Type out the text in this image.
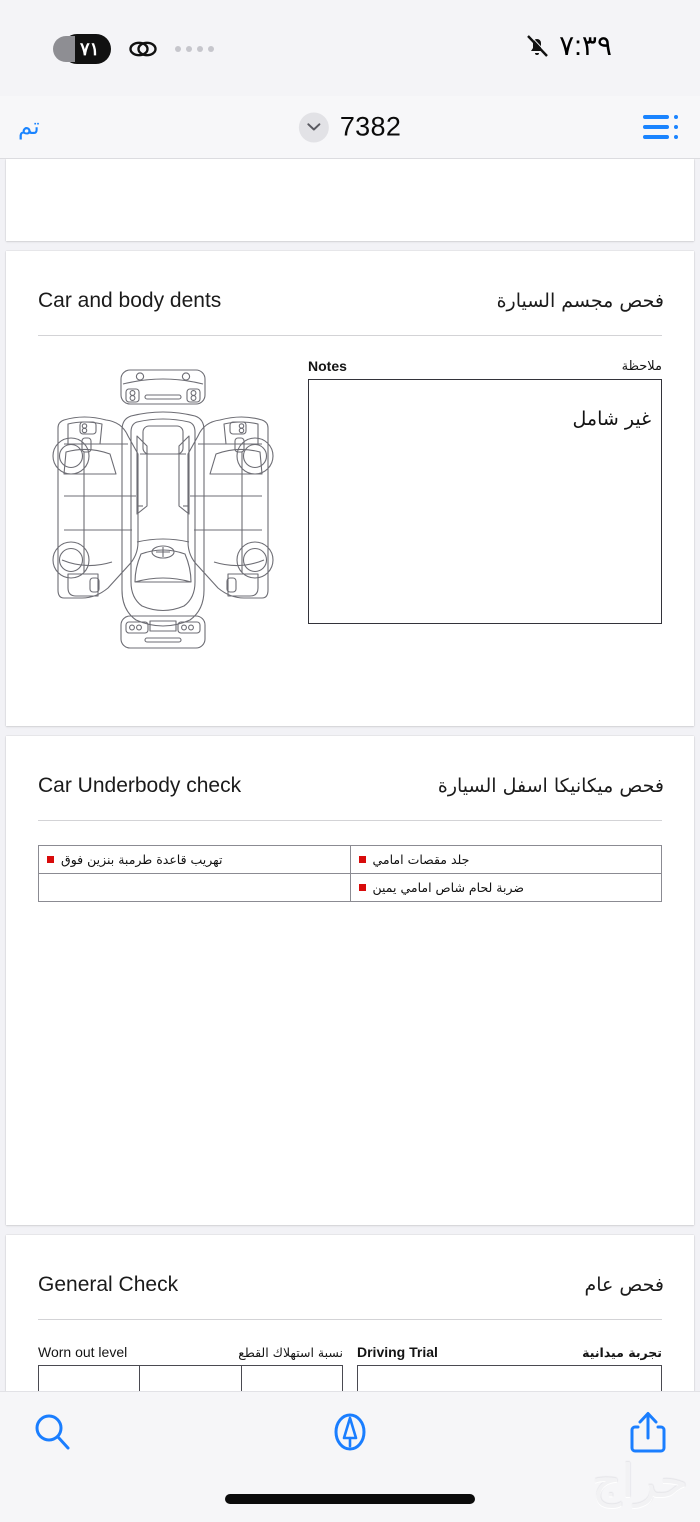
٧١	٧:٣٩
تم	7382
Car and body dents	فحص مجسم السيارة
Notes	ملاحظة
غير شامل
Car Underbody check	فحص ميكانيكا اسفل السيارة
تهريب قاعدة طرمبة بنزين فوق	جلد مقصات امامي

	ضربة لحام شاص امامي يمين
General Check	فحص عام
Worn out level	نسبة استهلاك القطع Driving Trial	تجربة ميدانية
حراج
